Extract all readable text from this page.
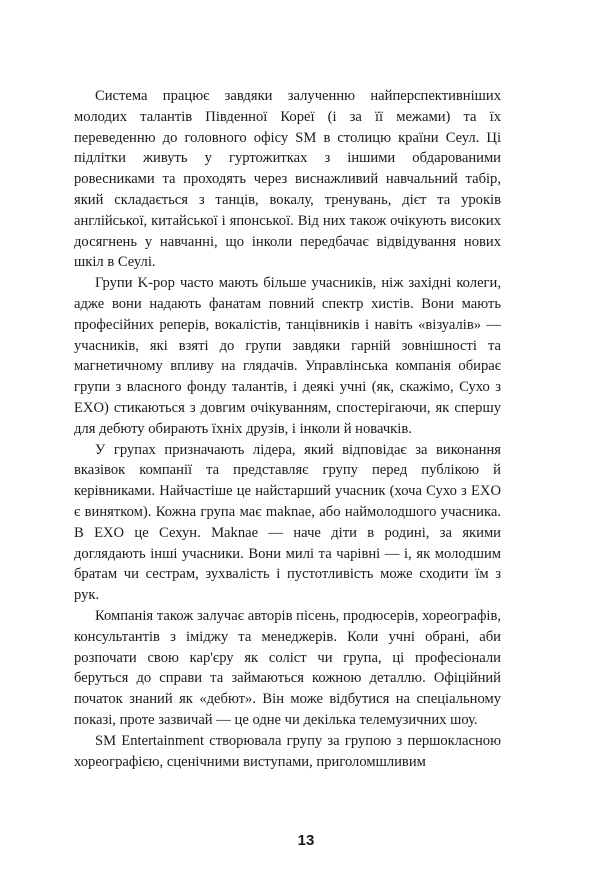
Система працює завдяки залученню найперспективніших молодих талантів Південної Кореї (і за її межами) та їх переведенню до головного офісу SM в столицю країни Сеул. Ці підлітки живуть у гуртожитках з іншими обдарованими ровесниками та проходять через виснажливий навчальний табір, який складається з танців, вокалу, тренувань, дієт та уроків англійської, китайської і японської. Від них також очікують високих досягнень у навчанні, що інколи передбачає відвідування нових шкіл в Сеулі.

Групи K-pop часто мають більше учасників, ніж західні колеги, адже вони надають фанатам повний спектр хистів. Вони мають професійних реперів, вокалістів, танцівників і навіть «візуалів» — учасників, які взяті до групи завдяки гарній зовнішності та магнетичному впливу на глядачів. Управлінська компанія обирає групи з власного фонду талантів, і деякі учні (як, скажімо, Сухо з EXO) стикаються з довгим очікуванням, спостерігаючи, як спершу для дебюту обирають їхніх друзів, і інколи й новачків.

У групах призначають лідера, який відповідає за виконання вказівок компанії та представляє групу перед публікою й керівниками. Найчастіше це найстарший учасник (хоча Сухо з EXO є винятком). Кожна група має maknae, або наймолодшого учасника. В EXO це Сехун. Maknae — наче діти в родині, за якими доглядають інші учасники. Вони милі та чарівні — і, як молодшим братам чи сестрам, зухвалість і пустотливість може сходити їм з рук.

Компанія також залучає авторів пісень, продюсерів, хореографів, консультантів з іміджу та менеджерів. Коли учні обрані, аби розпочати свою кар'єру як соліст чи група, ці професіонали беруться до справи та займаються кожною деталлю. Офіційний початок знаний як «дебют». Він може відбутися на спеціальному показі, проте зазвичай — це одне чи декілька телемузичних шоу.

SM Entertainment створювала групу за групою з першокласною хореографією, сценічними виступами, приголомшливим

13
